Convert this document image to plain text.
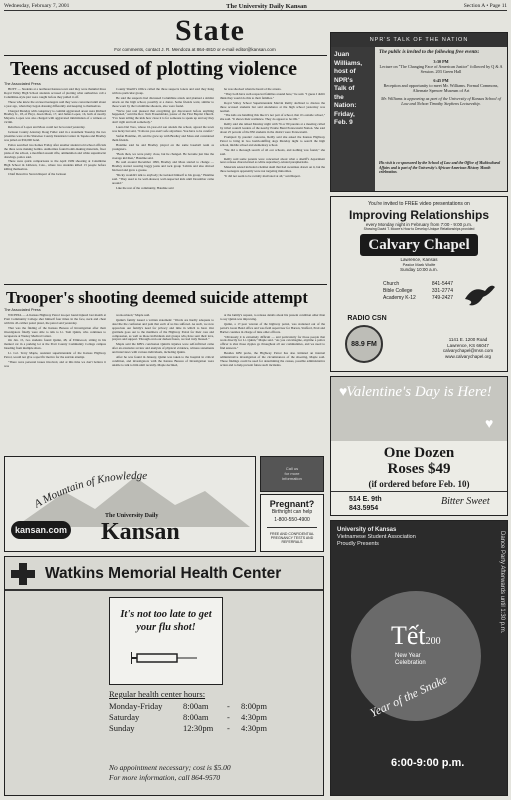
Wednesday, February 7, 2001	The University Daily Kansan	Section A • Page 11
State
For comments, contact J. R. Mendoza at 864-4810 or e-mail editor@kansan.com
Teens accused of plotting violence
The Associated Press

HOYT — Students at a northeast Kansas town said they were thankful three Royal Valley High School students accused of plotting what authorities call a Columbine-style plot were caught before they pulled it off.

Those who knew the accused teenagers said they were concerned until about a year ago, when they began dressing differently and keeping to themselves.

Charged Monday with conspiracy to commit aggravated arson were Richard Bradley Jr., 18, of Hoyt, Jason Moss, 17, and James Lopez, 16, both of nearby Mayetta. Lopez was also charged with aggravated intimidation of a witness or victim.

Relatives of Lopez and Moss could not be located yesterday.

Jackson County Attorney Doug Fuller said in a statement Tuesday the two juveniles were at the Shawnee County Detention Center in Topeka and Bradley was jailed on $50,000 bond.

Police searched two homes Friday after another student told school officials the three were making bombs. Authorities found bomb-making materials, floor plans of the school, a modified assault rifle, ammunition and white supremacist drawings, police said.

There were quick comparisons to the April 1999 shooting at Columbine High School in Littleton, Colo., where two students killed 13 people before killing themselves.

Chief Detective Steven Rupert of the Jackson

County Sheriff's Office called the three suspects loners and said they hung with no particular group.

He said the suspects had discussed Columbine attack and planned a similar attack on the high school, possibly at a dance. Some friends went, similar to those worn by the Columbine shooters, also were found.

"We're just real pleased that everything got discovered before anything happened," said the Rev. Tom Frauenfelder, pastor of the First Baptist Church. "I've been telling the kids how close it is for someone to speak up and say they don't right and told somebody."

Laura Del Toro, whose 16-year-old son attends the school, agreed the town was lucky but said, "It shows you aren't safe anywhere. You have to be careful."

Stefan Haialine, 18, said he grew up with Bradley and Moss and considered them friends.

Haialine said he and Bradley played on the same baseball team as youngsters.

"Back then, we were pretty close, but he changed. He became just like the average kid then," Haialine said.

He said around December 1999, Bradley and Moss started to change — Bradley started wearing baggy jeans and rock group T-shirts and also shaved his head and grew a goatee.

"Ricky wouldn't talk to anybody; he isolated himself to his group," Haialine said. "They used to be well-dressed, well-respected kids until December came around."

Like the rest of the community, Haialine said

he was shocked when he heard of the arrests.

"They both have well-respected families around here," he said. "I guess I didn't think they would do this to their families."

Royal Valley School Superintendent Marvin Reilly declined to discuss the three accused students but said attendance at the high school yesterday was normal.

"The kids are handling this like it's not part of school, that it's outside school," she said. "It shows their resilience. They do appear to be OK."

Reilly said she talked Monday night with 76 or 80 parents at a meeting called by tribal council leaders of the nearby Prairie Band Potawatomi Nation. She said about 25 percent of the 850 students in the district were Potawatomi.

Prompted by parents' concerns, Reilly said she asked the Kansas Highway Patrol to bring in two bomb-sniffing dogs Monday night to search the high school, middle school and elementary school.

"We did a thorough search of all our schools, and nothing was found," she said.

Reilly said some parents were concerned about what a sheriff's department news release characterized as white supremacy-related paraphernalia.

Materials seized included a helmet skull that had swastikas drawn on it, but the three teenagers apparently were not targeting minorities.

"It did not seem to be racially motivated at all," said Rupert.

Trooper's shooting deemed suicide attempt
The Associated Press

WICHITA — A Kansas Highway Patrol trooper found injured last month at Pratt Community College shot himself four times in the face, neck and chest with his 45-caliber patrol pistol, the patrol said yesterday.

That was the finding of the Kansas Bureau of Investigation after their investigators finally were able to talk to Lt. Tom Quinn, who continues to recuperate at Wesley Medical Center.

On Jan. 15, two students found Quinn, 48, of Ellinwood, sitting in his marked car in a parking lot at the Pratt County Community College campus bleeding from multiple shots.

Lt. Col. Terry Maple, assistant superintendent of the Kansas Highway Patrol, would not give a specific motive for the suicide attempt.

"There were personal issues involved, and at this time we don't believe it was

work-related," Maple said.

Quinn's family issued a written statement: "Words are hardly adequate to describe the confusion and pain that each of us has suffered. As such, we now appreciate our family's need for privacy and time in which to heal. Our gratitude goes out to the members of the Highway Patrol for their care and compassion, as well as those individuals and groups who have sent their love, prayers and support. Through even our darkest hours, we feel truly blessed."

Maple said the KBI's conclusion Quinn's injuries were self-inflicted came after an extensive review and analysis of physical evidence, witness statements and interviews with various individuals, including Quinn.

After he was found in January, Quinn was taken to the hospital in critical condition, and investigators with the Kansas Bureau of Investigation were unable to talk to him until recently. Maple declined,

at the family's request, to release details about his present condition other than to say Quinn was improving.

Quinn, a 17-year veteran of the highway patrol, was stationed out of the patrol's Great Bend office and was field supervisor for Barton, Stafford, Pratt and Barber counties in charge of nine other officers.

"Obviously it is extremely difficult — and particularly for those people that work directly for Lt. Quinn," Maple said. "As you can imagine, anytime a police officer is shot those ripples go throughout all our communities, and we need to find answers."

Besides KBI probe, the Highway Patrol has also initiated an internal administrative investigation of the circumstances of the shooting, Maple said. Those findings could be used for determining the causes, possible administrative action and to help prevent future such incidents.

A Mountain of Knowledge
kansan.com
The University Daily
Kansan
Call us
for more
information
Pregnant?
Birthright can help
1-800-550-4900
FREE AND CONFIDENTIAL PREGNANCY TESTS AND REFERRALS
Watkins Memorial Health Center
It's not too late to get
your flu shot!
Regular health center hours:
Monday-Friday	8:00am	-	8:00pm
Saturday	8:00am	-	4:30pm
Sunday	12:30pm	-	4:30pm
No appointment necessary; cost is $5.00
For more information, call 864-9570
NPR'S TALK OF THE NATION
Juan
Williams,
host of
NPR's
Talk of
the
Nation:
Friday,
Feb. 9
The public is invited to the following free events:
3:30 PM
Lecture on "The Changing Face of American Justice" followed by Q & A Session. 203 Green Hall
6:45 PM
Reception and opportunity to meet Mr. Williams. Formal Commons, Alternate Spencer Museum of Art
Mr. Williams is appearing as part of the University of Kansas School of Law and Nelson Timothy Stephens Lectureship.
His visit is co-sponsored by the School of Law and the Office of Multicultural Affairs and is part of the University's African-American History Month celebration.
You're invited to FREE video presentations on
Improving Relationships
every Monday night in February from 7:00 - 9:00 p.m.
Showing David T. Moore's How to Develop Unique Relationships provided
Calvary Chapel
Lawrence, Kansas
Pastor Mark Wolfe
Sunday 10:00 a.m.
Church	841-5447
Bible College	331-2774
Academy K-12	749-2427
RADIO CSN
88.9 FM
1141 E. 1200 Road
Lawrence, KS 66047
calvarychapel@msn.com
www.calvarychapel.org
Valentine's Day is Here!
♥
♥
One Dozen
Roses $49
(if ordered before Feb. 10)
514 E. 9th
843.5954
Bitter Sweet
University of Kansas
Vietnamese Student Association
Proudly Presents	Dance Party Afterwards until 1:30 p.m.
Tết200
New Year
Celebration
Year of the Snake
6:00-9:00 p.m.
